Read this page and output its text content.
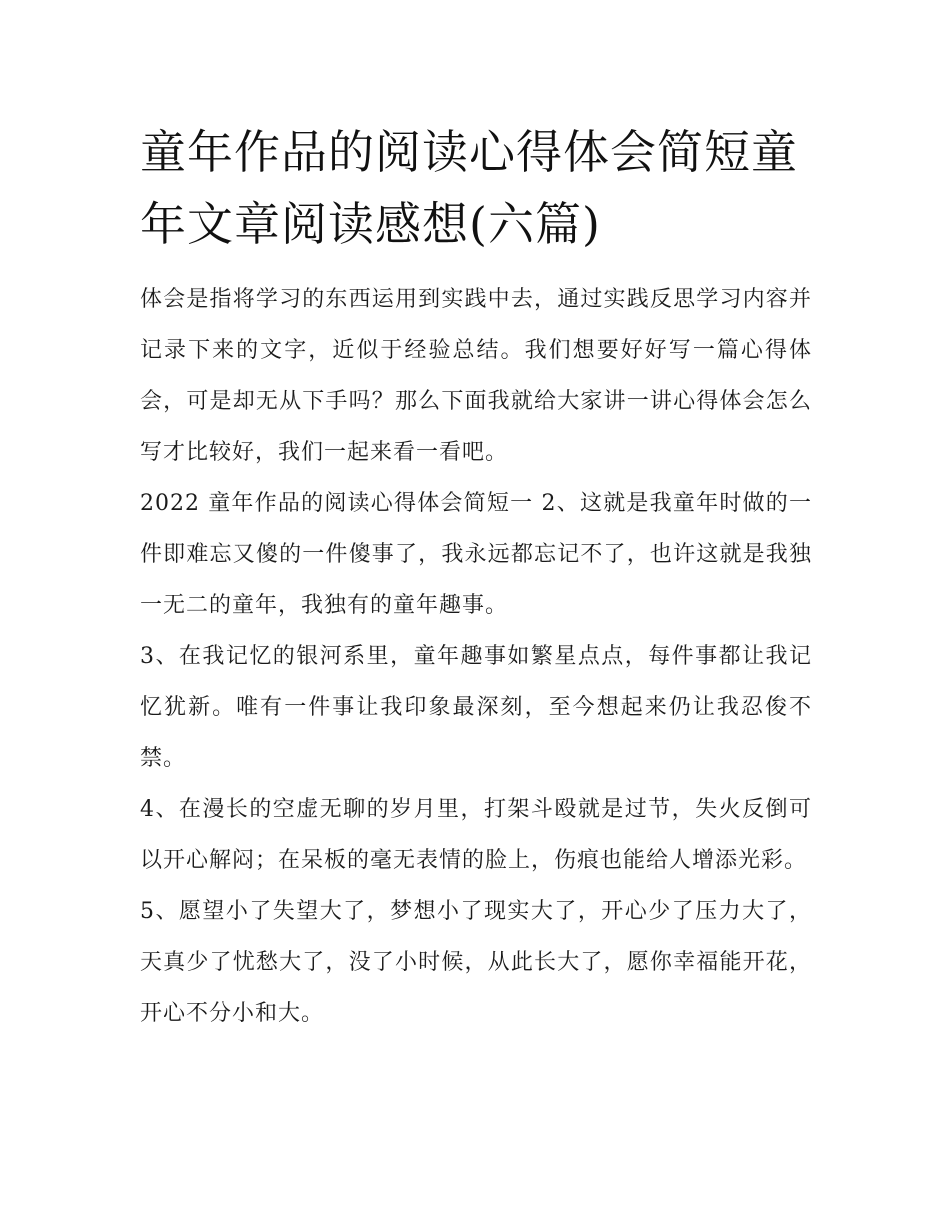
童年作品的阅读心得体会简短童年文章阅读感想(六篇)

体会是指将学习的东西运用到实践中去，通过实践反思学习内容并记录下来的文字，近似于经验总结。我们想要好好写一篇心得体会，可是却无从下手吗？那么下面我就给大家讲一讲心得体会怎么写才比较好，我们一起来看一看吧。

2022 童年作品的阅读心得体会简短一 2、这就是我童年时做的一件即难忘又傻的一件傻事了，我永远都忘记不了，也许这就是我独一无二的童年，我独有的童年趣事。

3、在我记忆的银河系里，童年趣事如繁星点点，每件事都让我记忆犹新。唯有一件事让我印象最深刻，至今想起来仍让我忍俊不禁。

4、在漫长的空虚无聊的岁月里，打架斗殴就是过节，失火反倒可以开心解闷；在呆板的毫无表情的脸上，伤痕也能给人增添光彩。

5、愿望小了失望大了，梦想小了现实大了，开心少了压力大了，天真少了忧愁大了，没了小时候，从此长大了，愿你幸福能开花，开心不分小和大。
